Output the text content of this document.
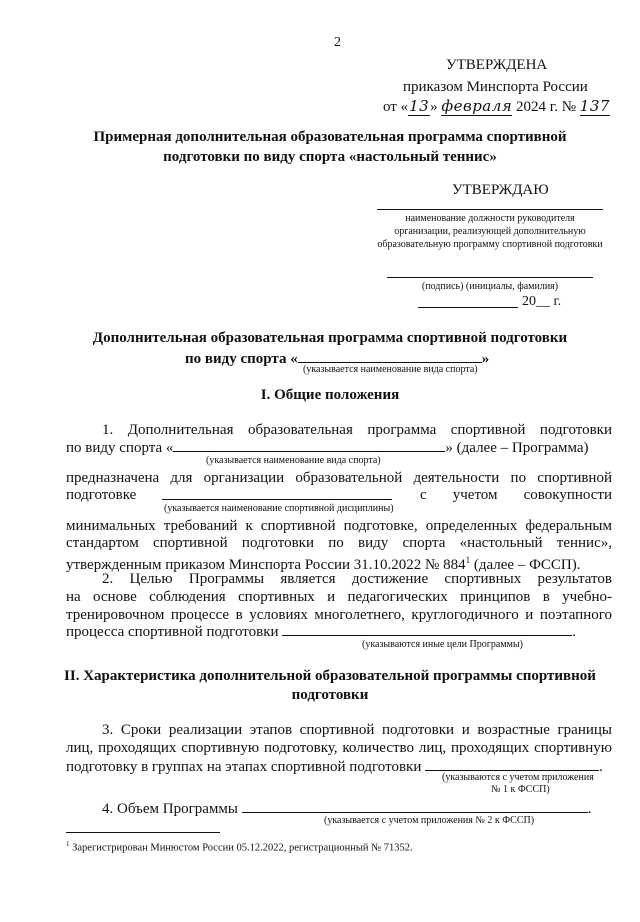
2
УТВЕРЖДЕНА
приказом Минспорта России
от «13» февраля 2024 г. № 137
Примерная дополнительная образовательная программа спортивной
подготовки по виду спорта «настольный теннис»
УТВЕРЖДАЮ
наименование должности руководителя
организации, реализующей дополнительную
образовательную программу спортивной подготовки
(подпись) (инициалы, фамилия)
20__ г.
Дополнительная образовательная программа спортивной подготовки
по виду спорта «	»
(указывается наименование вида спорта)
I. Общие положения
1. Дополнительная образовательная программа спортивной подготовки
по виду спорта «	» (далее – Программа)
(указывается наименование вида спорта)
предназначена для организации образовательной деятельности по спортивной
подготовке	с учетом совокупности
(указывается наименование спортивной дисциплины)
минимальных требований к спортивной подготовке, определенных федеральным
стандартом спортивной подготовки по виду спорта «настольный теннис»,
утвержденным приказом Минспорта России 31.10.2022 № $884^1$ (далее – ФССП).
2. Целью Программы является достижение спортивных результатов
на основе соблюдения спортивных и педагогических принципов в учебно-
тренировочном процессе в условиях многолетнего, круглогодичного и поэтапного
процесса спортивной подготовки	.
(указываются иные цели Программы)
II. Характеристика дополнительной образовательной программы спортивной
подготовки
3. Сроки реализации этапов спортивной подготовки и возрастные границы
лиц, проходящих спортивную подготовку, количество лиц, проходящих спортивную
подготовку в группах на этапах спортивной подготовки	.
(указываются с учетом приложения
№ 1 к ФССП)
4. Объем Программы	.
(указывается с учетом приложения № 2 к ФССП)
$^1$ Зарегистрирован Минюстом России 05.12.2022, регистрационный № 71352.
